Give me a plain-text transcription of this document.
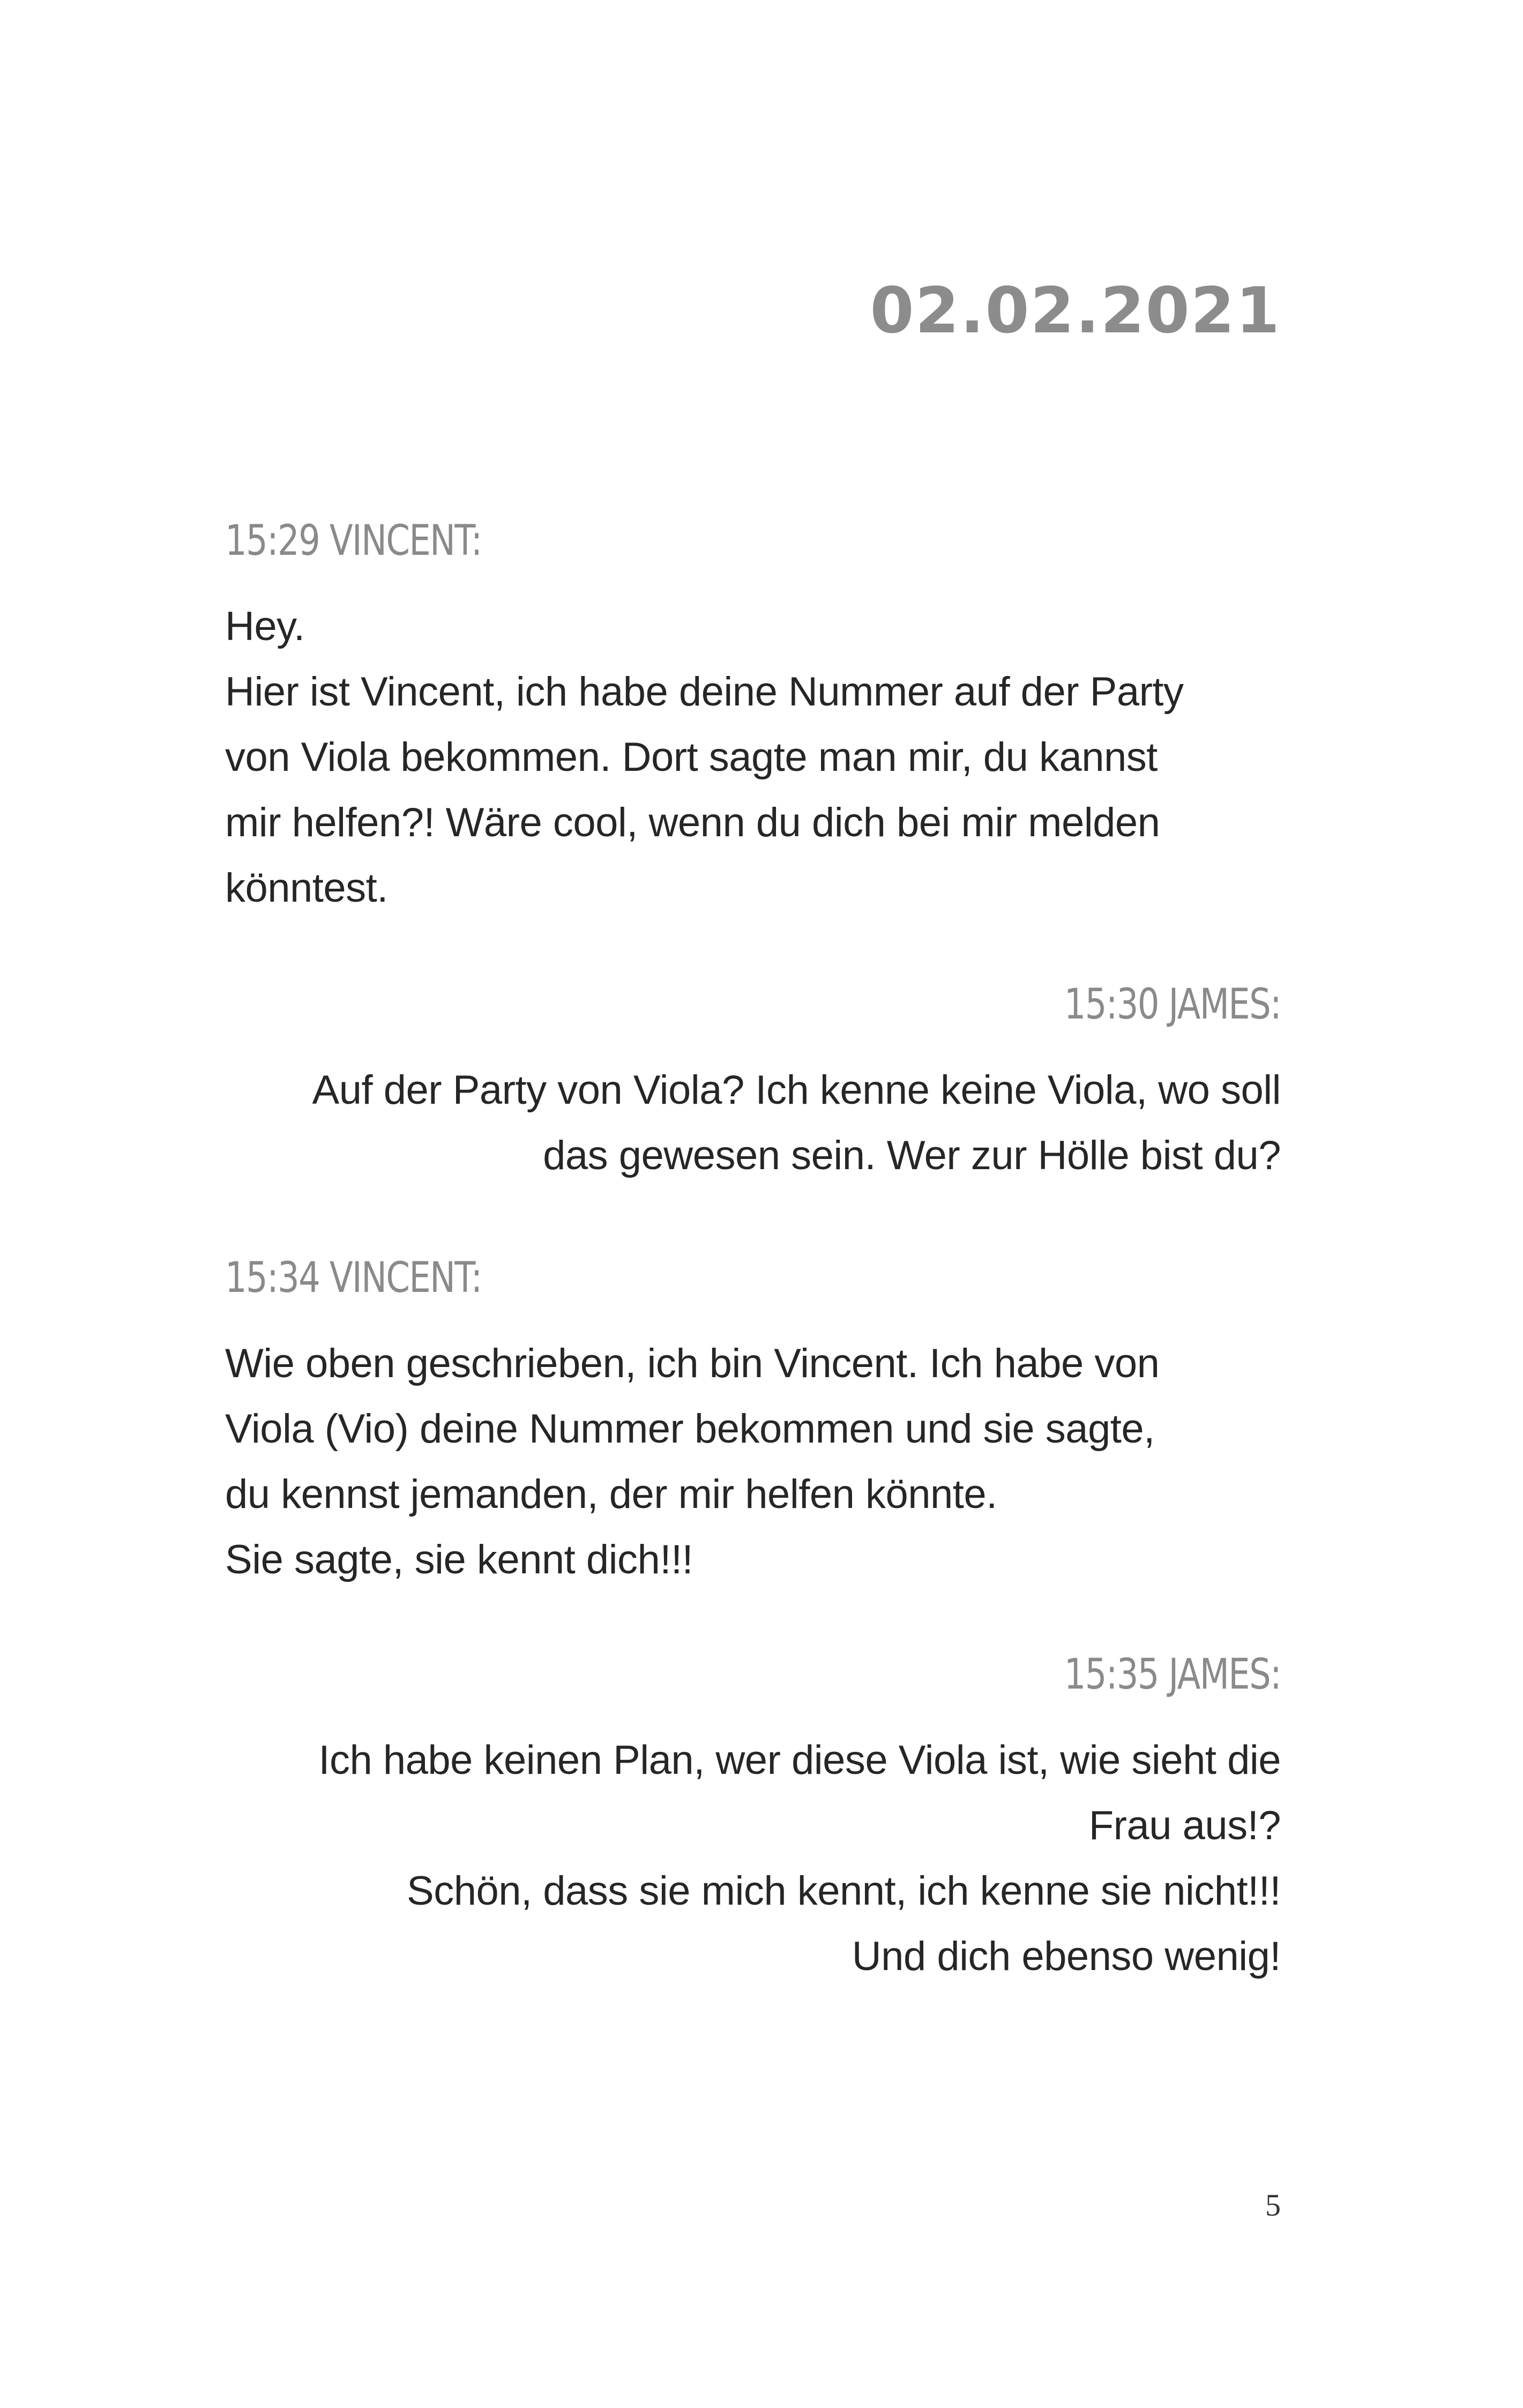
02.02.2021
15:29 VINCENT:
Hey.
Hier ist Vincent, ich habe deine Nummer auf der Party
von Viola bekommen. Dort sagte man mir, du kannst
mir helfen?! Wäre cool, wenn du dich bei mir melden
könntest.
15:30 JAMES:
Auf der Party von Viola? Ich kenne keine Viola, wo soll
das gewesen sein. Wer zur Hölle bist du?
15:34 VINCENT:
Wie oben geschrieben, ich bin Vincent. Ich habe von
Viola (Vio) deine Nummer bekommen und sie sagte,
du kennst jemanden, der mir helfen könnte.
Sie sagte, sie kennt dich!!!
15:35 JAMES:
Ich habe keinen Plan, wer diese Viola ist, wie sieht die
Frau aus!?
Schön, dass sie mich kennt, ich kenne sie nicht!!!
Und dich ebenso wenig!
5
